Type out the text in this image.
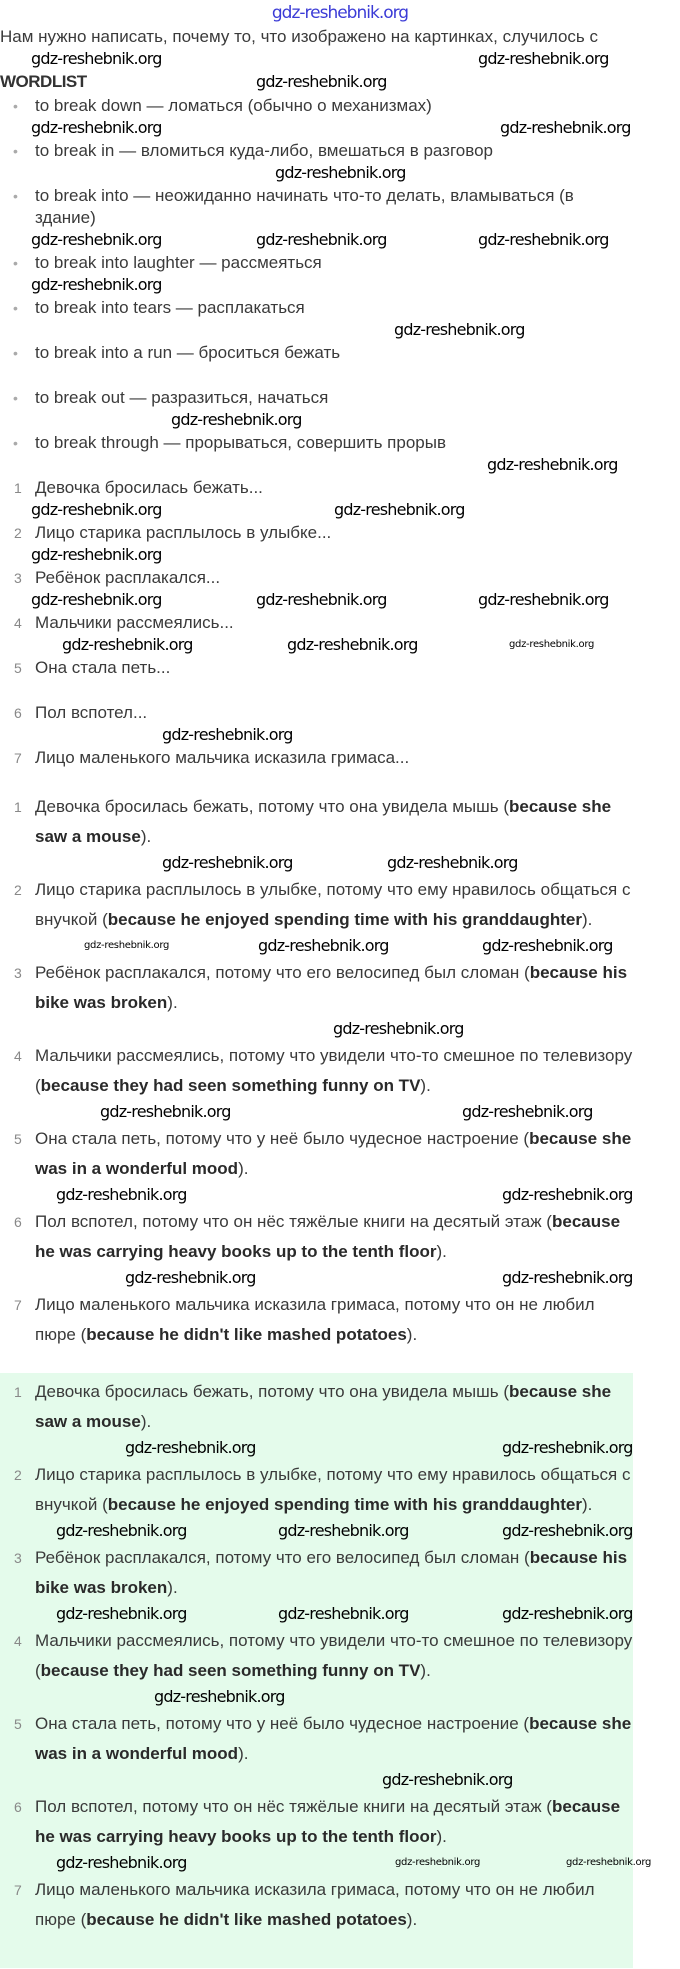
gdz-reshebnik.org
Нам нужно написать, почему то, что изображено на картинках, случилось с
gdz-reshebnik.org	gdz-reshebnik.org
WORDLIST	gdz-reshebnik.org
• to break down — ломаться (обычно о механизмах)
gdz-reshebnik.org	gdz-reshebnik.org
• to break in — вломиться куда-либо, вмешаться в разговор
gdz-reshebnik.org
• to break into — неожиданно начинать что-то делать, вламываться (в здание)
gdz-reshebnik.org	gdz-reshebnik.org	gdz-reshebnik.org
• to break into laughter — рассмеяться
gdz-reshebnik.org
• to break into tears — расплакаться
gdz-reshebnik.org
• to break into a run — броситься бежать
• to break out — разразиться, начаться
gdz-reshebnik.org
• to break through — прорываться, совершить прорыв
gdz-reshebnik.org
1 Девочка бросилась бежать...
gdz-reshebnik.org	gdz-reshebnik.org
2 Лицо старика расплылось в улыбке...
gdz-reshebnik.org
3 Ребёнок расплакался...
gdz-reshebnik.org	gdz-reshebnik.org	gdz-reshebnik.org
4 Мальчики рассмеялись...
gdz-reshebnik.org	gdz-reshebnik.org	gdz-reshebnik.org
5 Она стала петь...
6 Пол вспотел...
gdz-reshebnik.org
7 Лицо маленького мальчика исказила гримаса...
1 Девочка бросилась бежать, потому что она увидела мышь (because she saw a mouse).
gdz-reshebnik.org	gdz-reshebnik.org
2 Лицо старика расплылось в улыбке, потому что ему нравилось общаться с внучкой (because he enjoyed spending time with his granddaughter).
gdz-reshebnik.org	gdz-reshebnik.org	gdz-reshebnik.org
3 Ребёнок расплакался, потому что его велосипед был сломан (because his bike was broken).
gdz-reshebnik.org
4 Мальчики рассмеялись, потому что увидели что-то смешное по телевизору (because they had seen something funny on TV).
gdz-reshebnik.org	gdz-reshebnik.org
5 Она стала петь, потому что у неё было чудесное настроение (because she was in a wonderful mood).
gdz-reshebnik.org	gdz-reshebnik.org
6 Пол вспотел, потому что он нёс тяжёлые книги на десятый этаж (because he was carrying heavy books up to the tenth floor).
gdz-reshebnik.org	gdz-reshebnik.org
7 Лицо маленького мальчика исказила гримаса, потому что он не любил пюре (because he didn't like mashed potatoes).
1 Девочка бросилась бежать, потому что она увидела мышь (because she saw a mouse).
gdz-reshebnik.org	gdz-reshebnik.org
2 Лицо старика расплылось в улыбке, потому что ему нравилось общаться с внучкой (because he enjoyed spending time with his granddaughter).
gdz-reshebnik.org	gdz-reshebnik.org	gdz-reshebnik.org
3 Ребёнок расплакался, потому что его велосипед был сломан (because his bike was broken).
gdz-reshebnik.org	gdz-reshebnik.org	gdz-reshebnik.org
4 Мальчики рассмеялись, потому что увидели что-то смешное по телевизору (because they had seen something funny on TV).
gdz-reshebnik.org
5 Она стала петь, потому что у неё было чудесное настроение (because she was in a wonderful mood).
gdz-reshebnik.org
6 Пол вспотел, потому что он нёс тяжёлые книги на десятый этаж (because he was carrying heavy books up to the tenth floor).
gdz-reshebnik.org	gdz-reshebnik.org	gdz-reshebnik.org
7 Лицо маленького мальчика исказила гримаса, потому что он не любил пюре (because he didn't like mashed potatoes).
